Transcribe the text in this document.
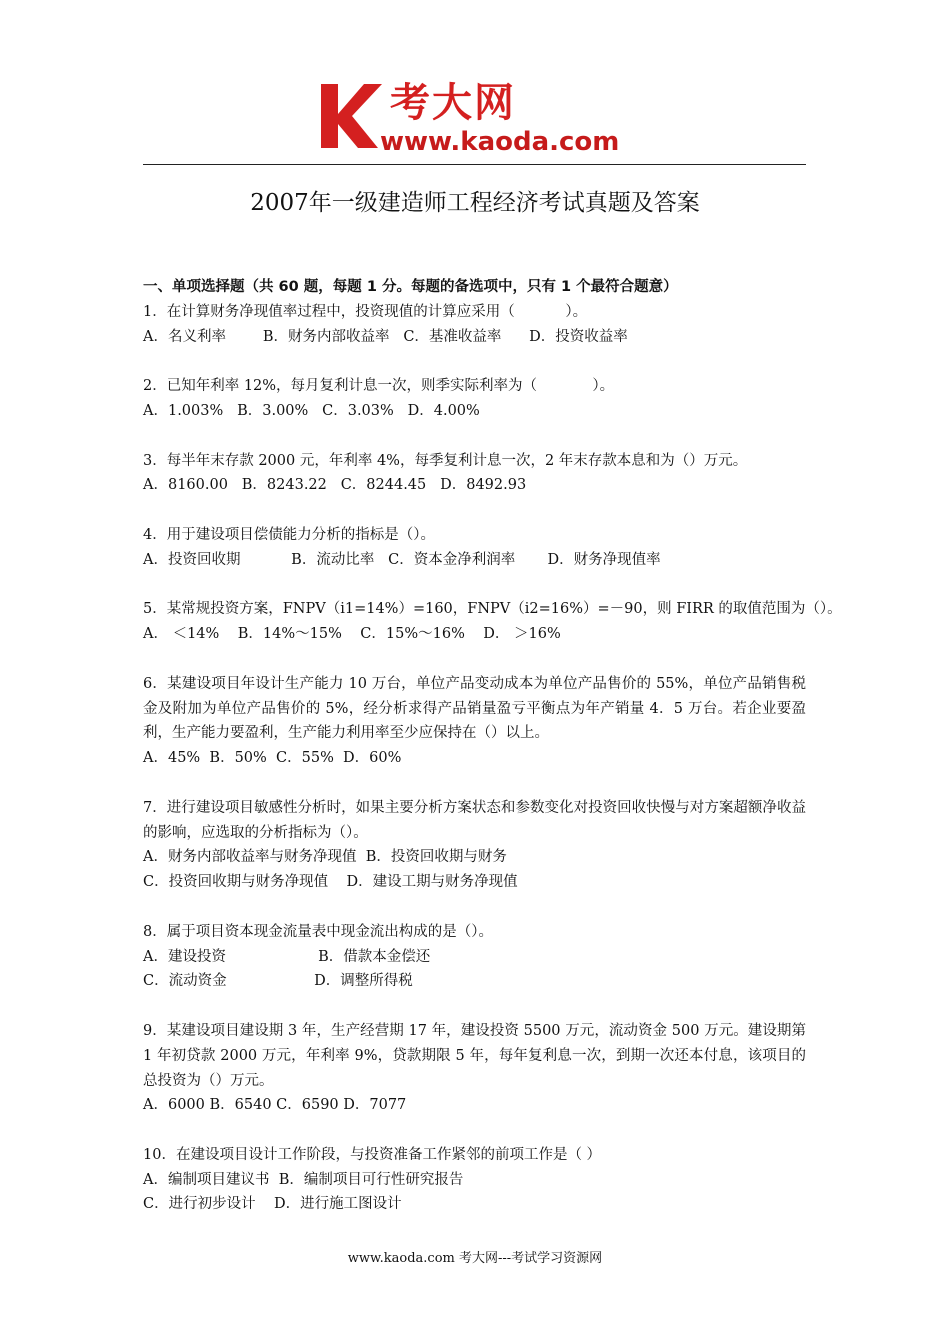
考大网
www.kaoda.com
2007年一级建造师工程经济考试真题及答案
一、单项选择题（共 60 题，每题 1 分。每题的备选项中，只有 1 个最符合题意）
1．在计算财务净现值率过程中，投资现值的计算应采用（           ）。
A．名义利率        B．财务内部收益率   C．基准收益率      D．投资收益率
2．已知年利率 12%，每月复利计息一次，则季实际利率为（            ）。
A．1.003%   B．3.00%   C．3.03%   D．4.00%
3．每半年末存款 2000 元，年利率 4%，每季复利计息一次，2 年末存款本息和为（）万元。
A．8160.00   B．8243.22   C．8244.45   D．8492.93
4．用于建设项目偿债能力分析的指标是（）。
A．投资回收期           B．流动比率   C．资本金净利润率       D．财务净现值率
5．某常规投资方案，FNPV（i1=14%）=160，FNPV（i2=16%）=－90，则 FIRR 的取值范围为（）。
A． ＜14%    B．14%～15%    C．15%～16%    D． ＞16%
6．某建设项目年设计生产能力 10 万台，单位产品变动成本为单位产品售价的 55%，单位产品销售税金及附加为单位产品售价的 5%，经分析求得产品销量盈亏平衡点为年产销量 4．5 万台。若企业要盈利，生产能力要盈利，生产能力利用率至少应保持在（）以上。
A．45%  B．50%  C．55%  D．60%
7．进行建设项目敏感性分析时，如果主要分析方案状态和参数变化对投资回收快慢与对方案超额净收益的影响，应选取的分析指标为（）。
A．财务内部收益率与财务净现值  B．投资回收期与财务
C．投资回收期与财务净现值    D．建设工期与财务净现值
8．属于项目资本现金流量表中现金流出构成的是（）。
A．建设投资                    B．借款本金偿还
C．流动资金                   D．调整所得税
9．某建设项目建设期 3 年，生产经营期 17 年，建设投资 5500 万元，流动资金 500 万元。建设期第 1 年初贷款 2000 万元，年利率 9%，贷款期限 5 年，每年复利息一次，到期一次还本付息，该项目的总投资为（）万元。
A．6000 B．6540 C．6590 D．7077
10．在建设项目设计工作阶段，与投资准备工作紧邻的前项工作是（ ）
A．编制项目建议书  B．编制项目可行性研究报告
C．进行初步设计    D．进行施工图设计
www.kaoda.com 考大网---考试学习资源网
